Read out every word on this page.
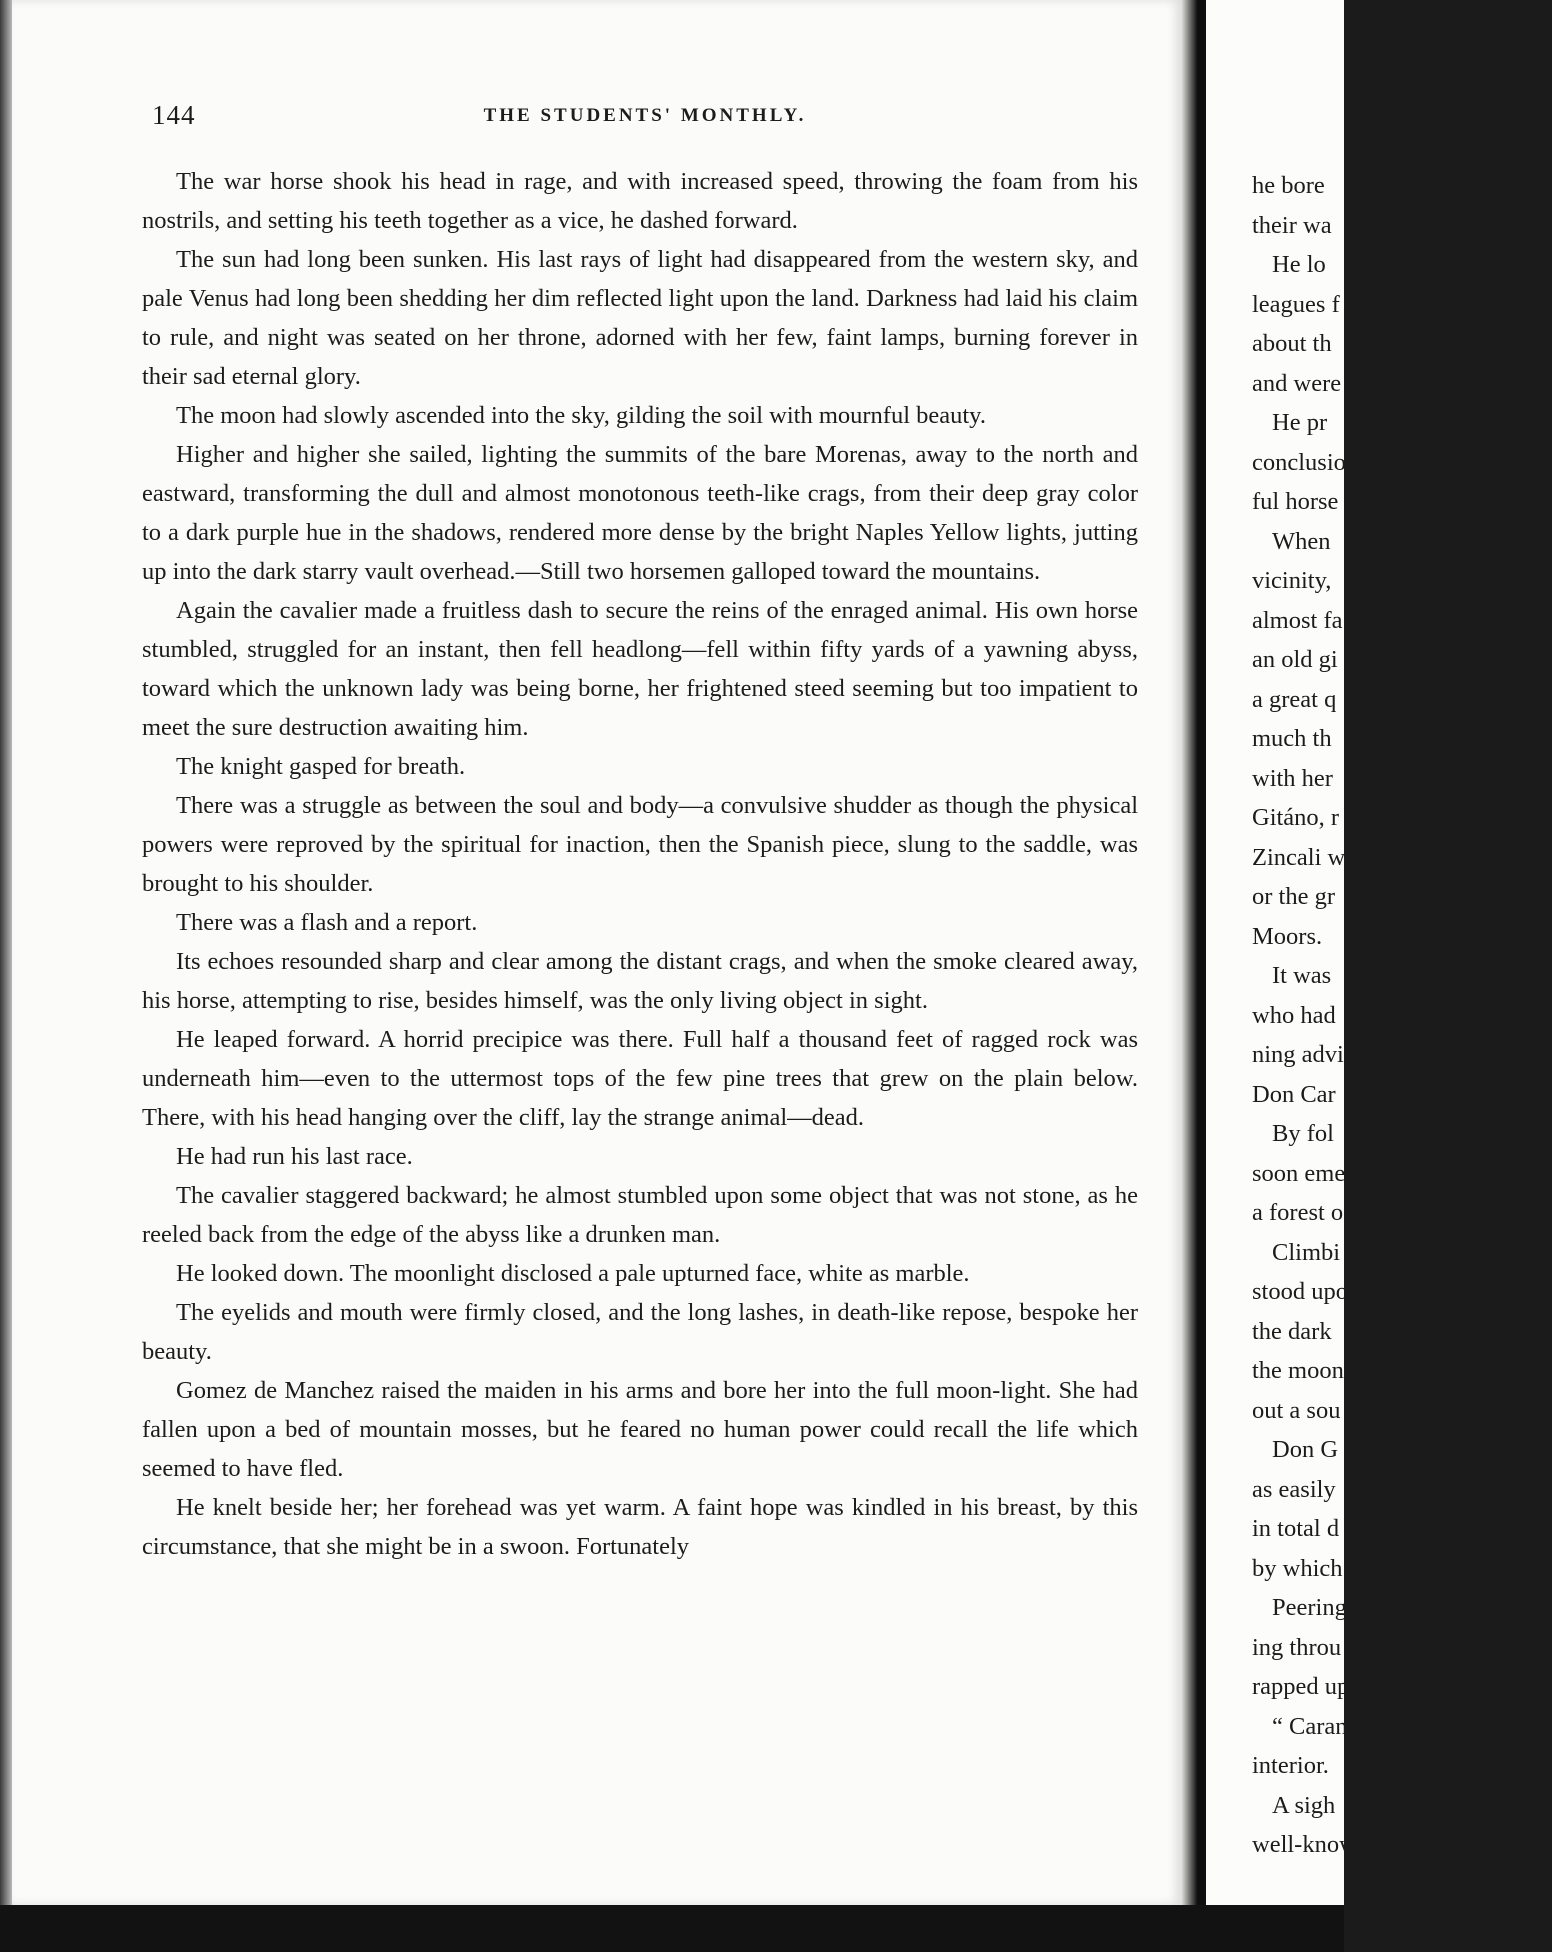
144	THE STUDENTS' MONTHLY.

The war horse shook his head in rage, and with increased speed, throwing the foam from his nostrils, and setting his teeth together as a vice, he dashed forward.

The sun had long been sunken. His last rays of light had disappeared from the western sky, and pale Venus had long been shedding her dim reflected light upon the land. Darkness had laid his claim to rule, and night was seated on her throne, adorned with her few, faint lamps, burning forever in their sad eternal glory.

The moon had slowly ascended into the sky, gilding the soil with mournful beauty.

Higher and higher she sailed, lighting the summits of the bare Morenas, away to the north and eastward, transforming the dull and almost monotonous teeth-like crags, from their deep gray color to a dark purple hue in the shadows, rendered more dense by the bright Naples Yellow lights, jutting up into the dark starry vault overhead.—Still two horsemen galloped toward the mountains.

Again the cavalier made a fruitless dash to secure the reins of the enraged animal. His own horse stumbled, struggled for an instant, then fell headlong—fell within fifty yards of a yawning abyss, toward which the unknown lady was being borne, her frightened steed seeming but too impatient to meet the sure destruction awaiting him.

The knight gasped for breath.

There was a struggle as between the soul and body—a convulsive shudder as though the physical powers were reproved by the spiritual for inaction, then the Spanish piece, slung to the saddle, was brought to his shoulder.

There was a flash and a report.

Its echoes resounded sharp and clear among the distant crags, and when the smoke cleared away, his horse, attempting to rise, besides himself, was the only living object in sight.

He leaped forward. A horrid precipice was there. Full half a thousand feet of ragged rock was underneath him—even to the uttermost tops of the few pine trees that grew on the plain below. There, with his head hanging over the cliff, lay the strange animal—dead.

He had run his last race.

The cavalier staggered backward; he almost stumbled upon some object that was not stone, as he reeled back from the edge of the abyss like a drunken man.

He looked down. The moonlight disclosed a pale upturned face, white as marble.

The eyelids and mouth were firmly closed, and the long lashes, in death-like repose, bespoke her beauty.

Gomez de Manchez raised the maiden in his arms and bore her into the full moon-light. She had fallen upon a bed of mountain mosses, but he feared no human power could recall the life which seemed to have fled.

He knelt beside her; her forehead was yet warm. A faint hope was kindled in his breast, by this circumstance, that she might be in a swoon. Fortunately

he bore
their wa
He lo
leagues f
about th
and were
He pr
conclusio
ful horse
When
vicinity,
almost fa
an old gi
a great q
much th
with her
Gitáno, r
Zincali w
or the gr
Moors.
It was
who had
ning advi
Don Car
By fol
soon eme
a forest o
Climbi
stood upo
the dark
the moon
out a sou
Don G
as easily
in total d
by which
Peering
ing throu
rapped up
“ Caran
interior.
A sigh
well-know
